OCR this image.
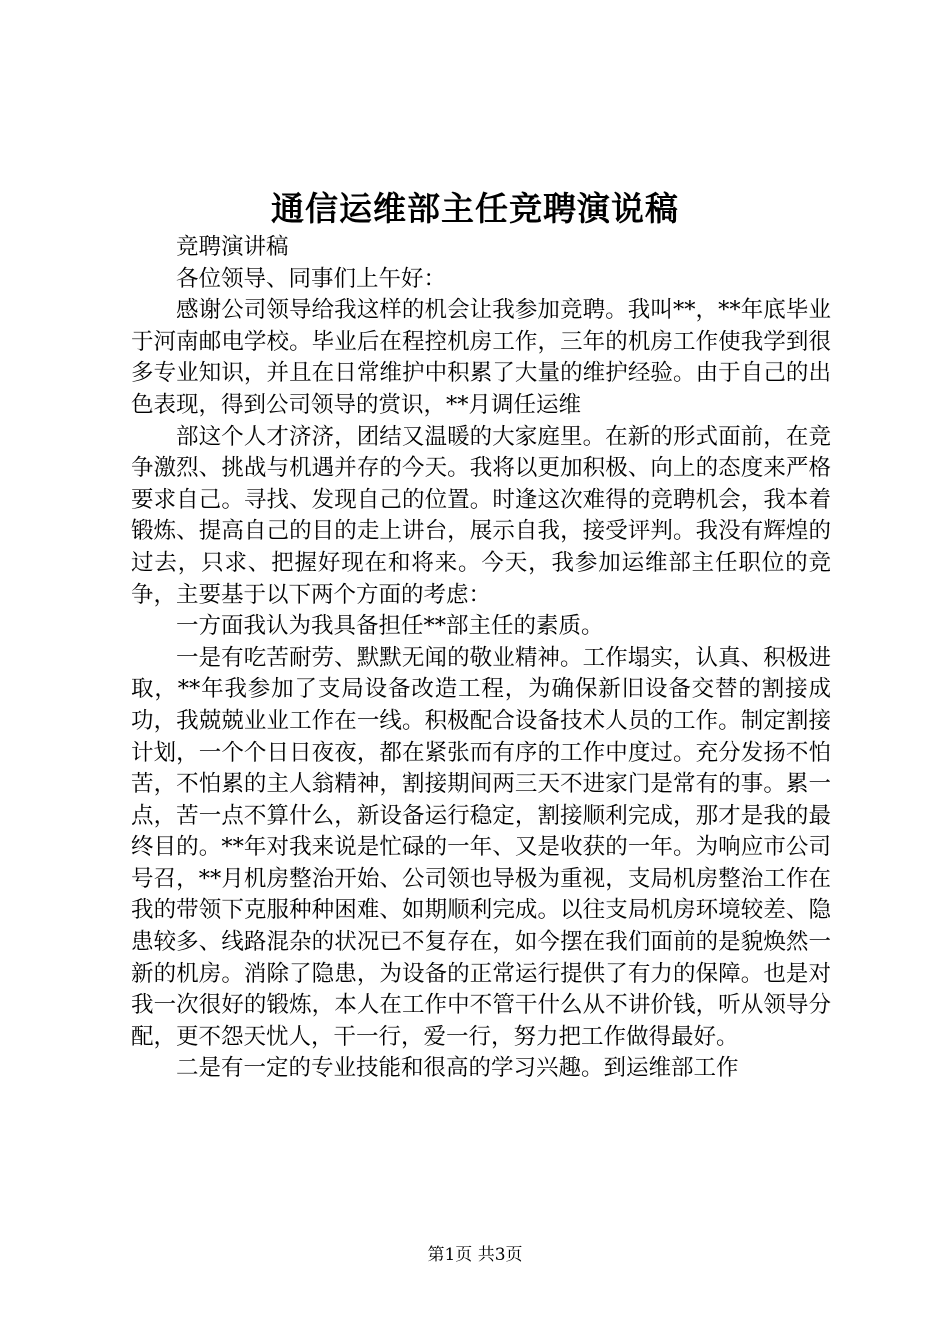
通信运维部主任竞聘演说稿

竞聘演讲稿

各位领导、同事们上午好：

感谢公司领导给我这样的机会让我参加竞聘。我叫**，**年底毕业于河南邮电学校。毕业后在程控机房工作，三年的机房工作使我学到很多专业知识，并且在日常维护中积累了大量的维护经验。由于自己的出色表现，得到公司领导的赏识，**月调任运维

部这个人才济济，团结又温暖的大家庭里。在新的形式面前，在竞争激烈、挑战与机遇并存的今天。我将以更加积极、向上的态度来严格要求自己。寻找、发现自己的位置。时逢这次难得的竞聘机会，我本着锻炼、提高自己的目的走上讲台，展示自我，接受评判。我没有辉煌的过去，只求、把握好现在和将来。今天，我参加运维部主任职位的竞争，主要基于以下两个方面的考虑：

一方面我认为我具备担任**部主任的素质。

一是有吃苦耐劳、默默无闻的敬业精神。工作塌实，认真、积极进取，**年我参加了支局设备改造工程，为确保新旧设备交替的割接成功，我兢兢业业工作在一线。积极配合设备技术人员的工作。制定割接计划，一个个日日夜夜，都在紧张而有序的工作中度过。充分发扬不怕苦，不怕累的主人翁精神，割接期间两三天不进家门是常有的事。累一点，苦一点不算什么，新设备运行稳定，割接顺利完成，那才是我的最终目的。**年对我来说是忙碌的一年、又是收获的一年。为响应市公司号召，**月机房整治开始、公司领也导极为重视，支局机房整治工作在我的带领下克服种种困难、如期顺利完成。以往支局机房环境较差、隐患较多、线路混杂的状况已不复存在，如今摆在我们面前的是貌焕然一新的机房。消除了隐患，为设备的正常运行提供了有力的保障。也是对我一次很好的锻炼，本人在工作中不管干什么从不讲价钱，听从领导分配，更不怨天忧人，干一行，爱一行，努力把工作做得最好。

二是有一定的专业技能和很高的学习兴趣。到运维部工作

第1页 共3页
